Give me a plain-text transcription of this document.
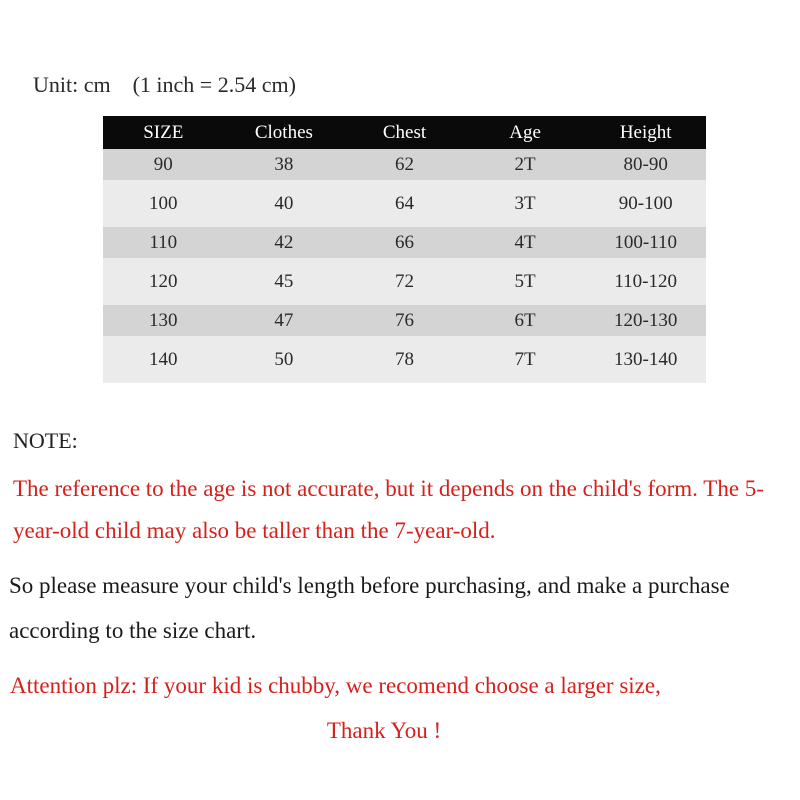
Unit: cm    (1 inch = 2.54 cm)
SIZE	Clothes	Chest	Age	Height
90	38	62	2T	80-90
100	40	64	3T	90-100
110	42	66	4T	100-110
120	45	72	5T	110-120
130	47	76	6T	120-130
140	50	78	7T	130-140
NOTE:
The reference to the age is not accurate, but it depends on the child's form. The 5-year-old child may also be taller than the 7-year-old.
So please measure your child's length before purchasing, and make a purchase according to the size chart.
Attention plz: If your kid is chubby, we recomend choose a larger size,
Thank You !
